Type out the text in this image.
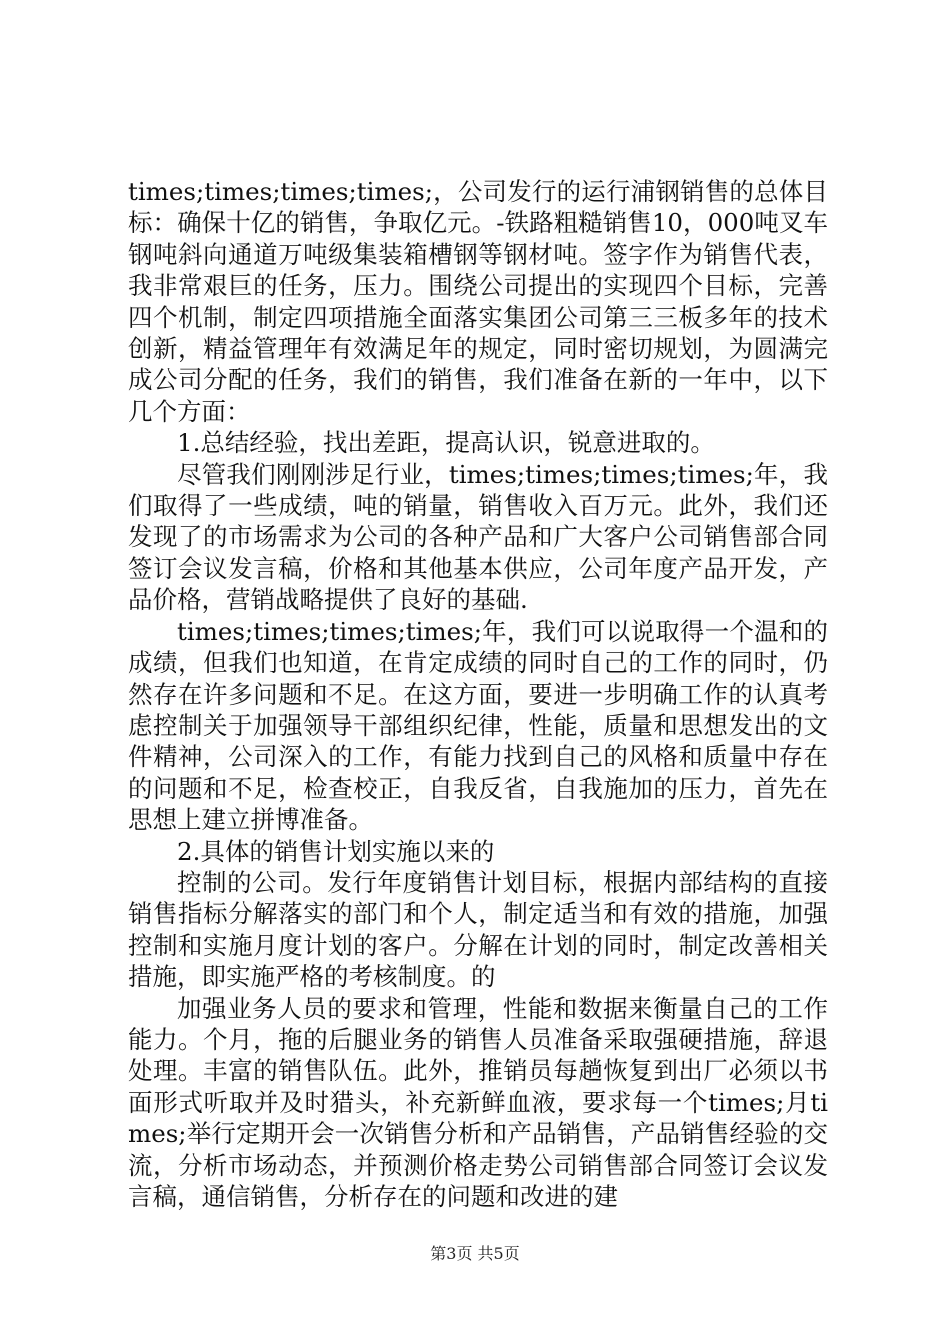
times;times;times;times;，公司发行的运行浦钢销售的总体目标：确保十亿的销售，争取亿元。-铁路粗糙销售10，000吨叉车钢吨斜向通道万吨级集装箱槽钢等钢材吨。签字作为销售代表，我非常艰巨的任务，压力。围绕公司提出的实现四个目标，完善四个机制，制定四项措施全面落实集团公司第三三板多年的技术创新，精益管理年有效满足年的规定，同时密切规划，为圆满完成公司分配的任务，我们的销售，我们准备在新的一年中，以下几个方面：

1.总结经验，找出差距，提高认识，锐意进取的。

尽管我们刚刚涉足行业，times;times;times;times;年，我们取得了一些成绩，吨的销量，销售收入百万元。此外，我们还发现了的市场需求为公司的各种产品和广大客户公司销售部合同签订会议发言稿，价格和其他基本供应，公司年度产品开发，产品价格，营销战略提供了良好的基础.

times;times;times;times;年，我们可以说取得一个温和的成绩，但我们也知道，在肯定成绩的同时自己的工作的同时，仍然存在许多问题和不足。在这方面，要进一步明确工作的认真考虑控制关于加强领导干部组织纪律，性能，质量和思想发出的文件精神，公司深入的工作，有能力找到自己的风格和质量中存在的问题和不足，检查校正，自我反省，自我施加的压力，首先在思想上建立拼博准备。

2.具体的销售计划实施以来的

控制的公司。发行年度销售计划目标，根据内部结构的直接销售指标分解落实的部门和个人，制定适当和有效的措施，加强控制和实施月度计划的客户。分解在计划的同时，制定改善相关措施，即实施严格的考核制度。的

加强业务人员的要求和管理，性能和数据来衡量自己的工作能力。个月，拖的后腿业务的销售人员准备采取强硬措施，辞退处理。丰富的销售队伍。此外，推销员每趟恢复到出厂必须以书面形式听取并及时猎头，补充新鲜血液，要求每一个times;月times;举行定期开会一次销售分析和产品销售，产品销售经验的交流，分析市场动态，并预测价格走势公司销售部合同签订会议发言稿，通信销售，分析存在的问题和改进的建

第3页 共5页
